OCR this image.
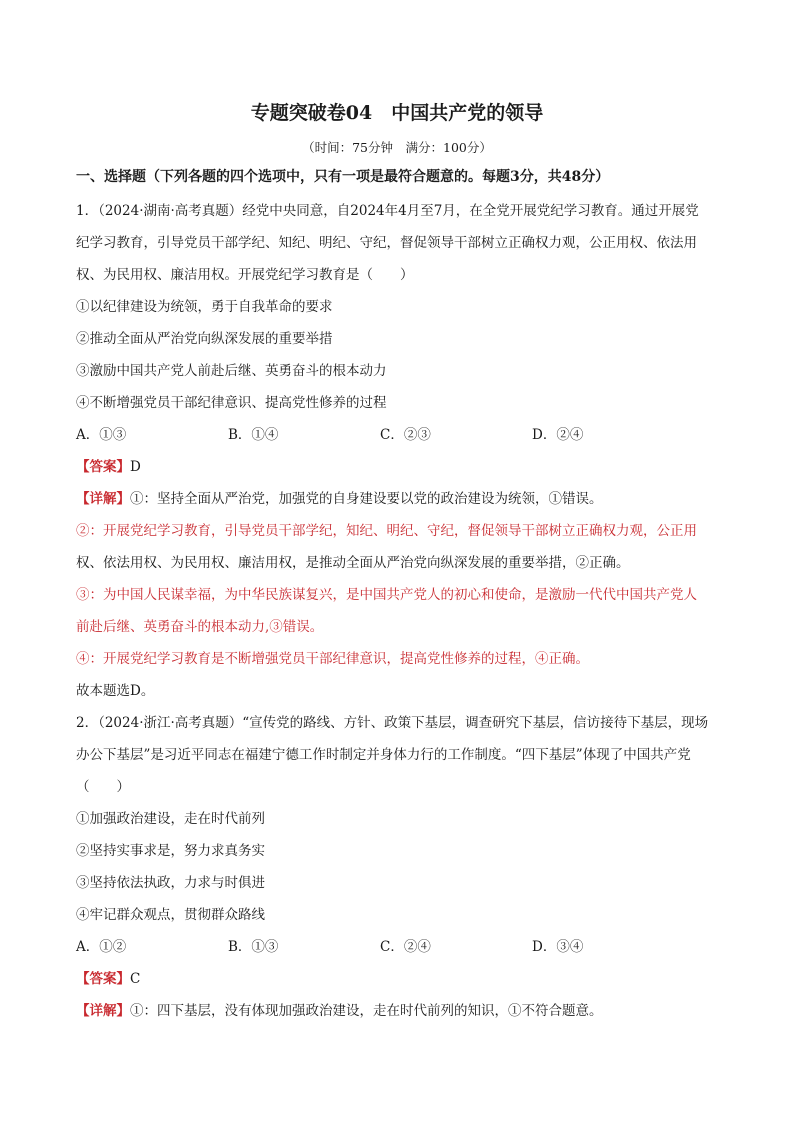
专题突破卷04　中国共产党的领导
（时间：75分钟　满分：100分）
一、选择题（下列各题的四个选项中，只有一项是最符合题意的。每题3分，共48分）
1．（2024·湖南·高考真题）经党中央同意，自2024年4月至7月，在全党开展党纪学习教育。通过开展党
纪学习教育，引导党员干部学纪、知纪、明纪、守纪，督促领导干部树立正确权力观，公正用权、依法用
权、为民用权、廉洁用权。开展党纪学习教育是（　　）
①以纪律建设为统领，勇于自我革命的要求
②推动全面从严治党向纵深发展的重要举措
③激励中国共产党人前赴后继、英勇奋斗的根本动力
④不断增强党员干部纪律意识、提高党性修养的过程
A．①③	B．①④	C．②③	D．②④
【答案】D
【详解】①：坚持全面从严治党，加强党的自身建设要以党的政治建设为统领，①错误。
②：开展党纪学习教育，引导党员干部学纪，知纪、明纪、守纪，督促领导干部树立正确权力观，公正用
权、依法用权、为民用权、廉洁用权，是推动全面从严治党向纵深发展的重要举措，②正确。
③：为中国人民谋幸福，为中华民族谋复兴，是中国共产党人的初心和使命，是激励一代代中国共产党人
前赴后继、英勇奋斗的根本动力,③错误。
④：开展党纪学习教育是不断增强党员干部纪律意识，提高党性修养的过程，④正确。
故本题选D。
2．（2024·浙江·高考真题）“宣传党的路线、方针、政策下基层，调查研究下基层，信访接待下基层，现场
办公下基层”是习近平同志在福建宁德工作时制定并身体力行的工作制度。“四下基层”体现了中国共产党
（　　）
①加强政治建设，走在时代前列
②坚持实事求是，努力求真务实
③坚持依法执政，力求与时俱进
④牢记群众观点，贯彻群众路线
A．①②	B．①③	C．②④	D．③④
【答案】C
【详解】①：四下基层，没有体现加强政治建设，走在时代前列的知识，①不符合题意。
